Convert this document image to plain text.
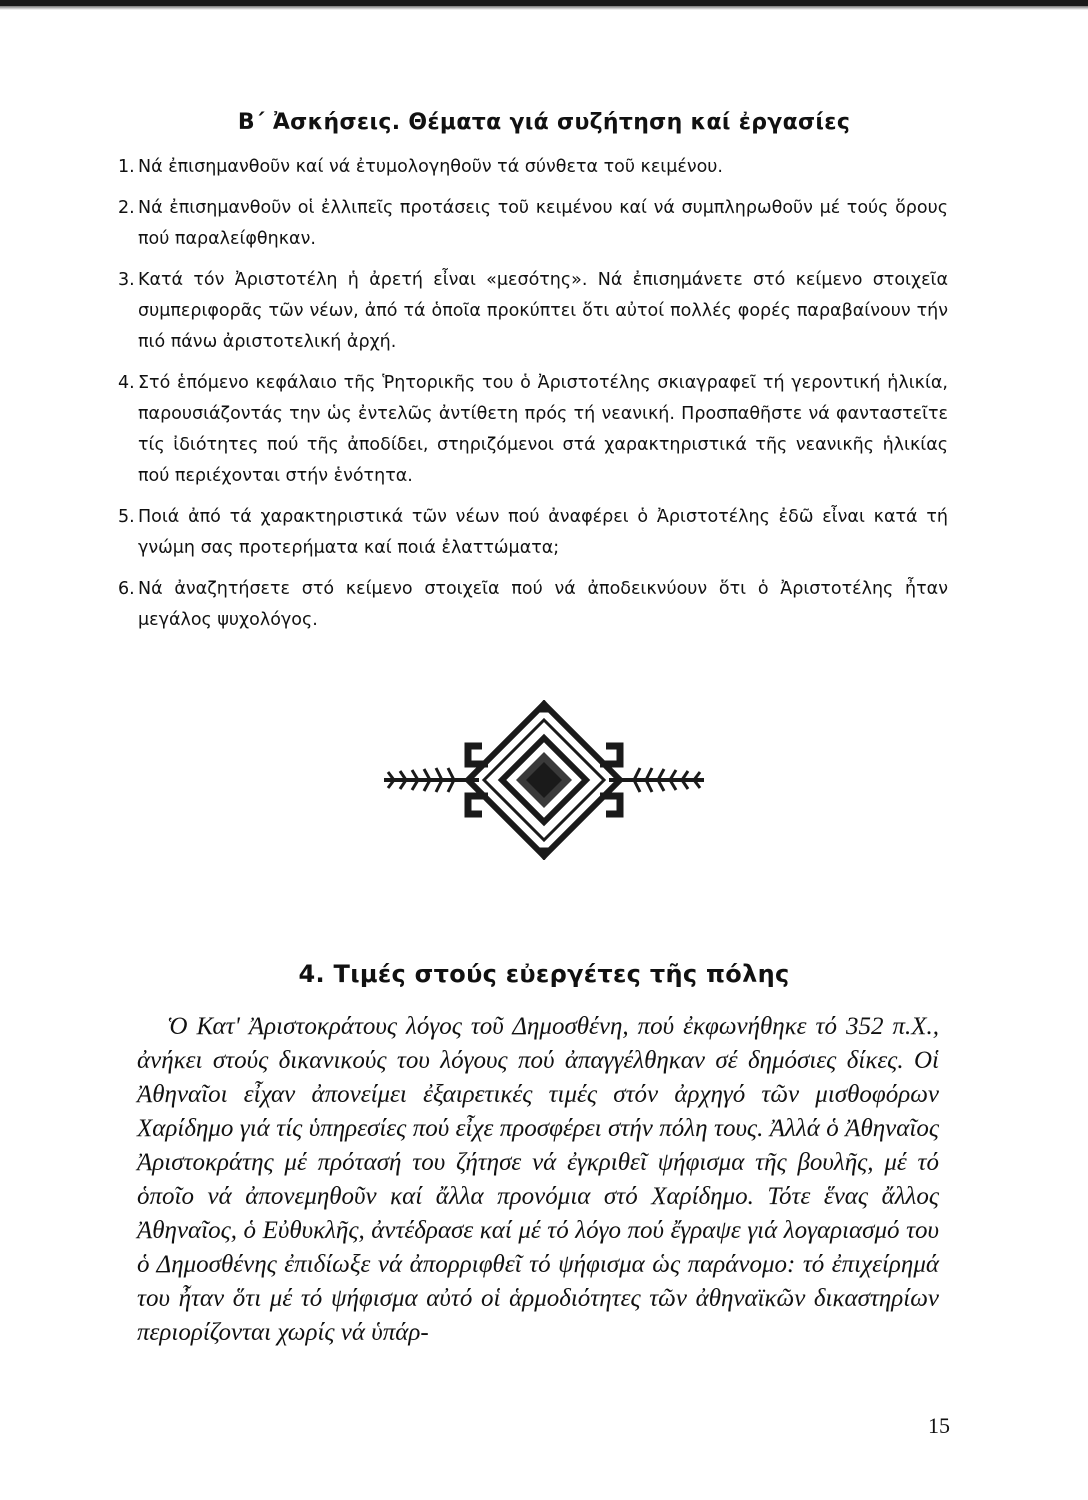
Β΄ Ἀσκήσεις. Θέματα γιά συζήτηση καί ἐργασίες
1. Νά ἐπισημανθοῦν καί νά ἐτυμολογηθοῦν τά σύνθετα τοῦ κειμένου.
2. Νά ἐπισημανθοῦν οἱ ἐλλιπεῖς προτάσεις τοῦ κειμένου καί νά συμπληρωθοῦν μέ τούς ὅρους πού παραλείφθηκαν.
3. Κατά τόν Ἀριστοτέλη ἡ ἀρετή εἶναι «μεσότης». Νά ἐπισημάνετε στό κείμενο στοιχεῖα συμπεριφορᾶς τῶν νέων, ἀπό τά ὁποῖα προκύπτει ὅτι αὐτοί πολλές φορές παραβαίνουν τήν πιό πάνω ἀριστοτελική ἀρχή.
4. Στό ἑπόμενο κεφάλαιο τῆς Ῥητορικῆς του ὁ Ἀριστοτέλης σκιαγραφεῖ τή γεροντική ἡλικία, παρουσιάζοντάς την ὡς ἐντελῶς ἀντίθετη πρός τή νεανική. Προσπαθῆστε νά φανταστεῖτε τίς ἰδιότητες πού τῆς ἀποδίδει, στηριζόμενοι στά χαρακτηριστικά τῆς νεανικῆς ἡλικίας πού περιέχονται στήν ἑνότητα.
5. Ποιά ἀπό τά χαρακτηριστικά τῶν νέων πού ἀναφέρει ὁ Ἀριστοτέλης ἐδῶ εἶναι κατά τή γνώμη σας προτερήματα καί ποιά ἐλαττώματα;
6. Νά ἀναζητήσετε στό κείμενο στοιχεῖα πού νά ἀποδεικνύουν ὅτι ὁ Ἀριστοτέλης ἦταν μεγάλος ψυχολόγος.
4. Τιμές στούς εὐεργέτες τῆς πόλης

Ὁ Κατ' Ἀριστοκράτους λόγος τοῦ Δημοσθένη, πού ἐκφωνήθηκε τό 352 π.Χ., ἀνήκει στούς δικανικούς του λόγους πού ἀπαγγέλθηκαν σέ δημόσιες δίκες. Οἱ Ἀθηναῖοι εἶχαν ἀπονείμει ἐξαιρετικές τιμές στόν ἀρχηγό τῶν μισθοφόρων Χαρίδημο γιά τίς ὑπηρεσίες πού εἶχε προσφέρει στήν πόλη τους. Ἀλλά ὁ Ἀθηναῖος Ἀριστοκράτης μέ πρότασή του ζήτησε νά ἐγκριθεῖ ψήφισμα τῆς βουλῆς, μέ τό ὁποῖο νά ἀπονεμηθοῦν καί ἄλλα προνόμια στό Χαρίδημο. Τότε ἕνας ἄλλος Ἀθηναῖος, ὁ Εὐθυκλῆς, ἀντέδρασε καί μέ τό λόγο πού ἔγραψε γιά λογαριασμό του ὁ Δημοσθένης ἐπιδίωξε νά ἀπορριφθεῖ τό ψήφισμα ὡς παράνομο: τό ἐπιχείρημά του ἦταν ὅτι μέ τό ψήφισμα αὐτό οἱ ἁρμοδιότητες τῶν ἀθηναϊκῶν δικαστηρίων περιορίζονται χωρίς νά ὑπάρ-

15
